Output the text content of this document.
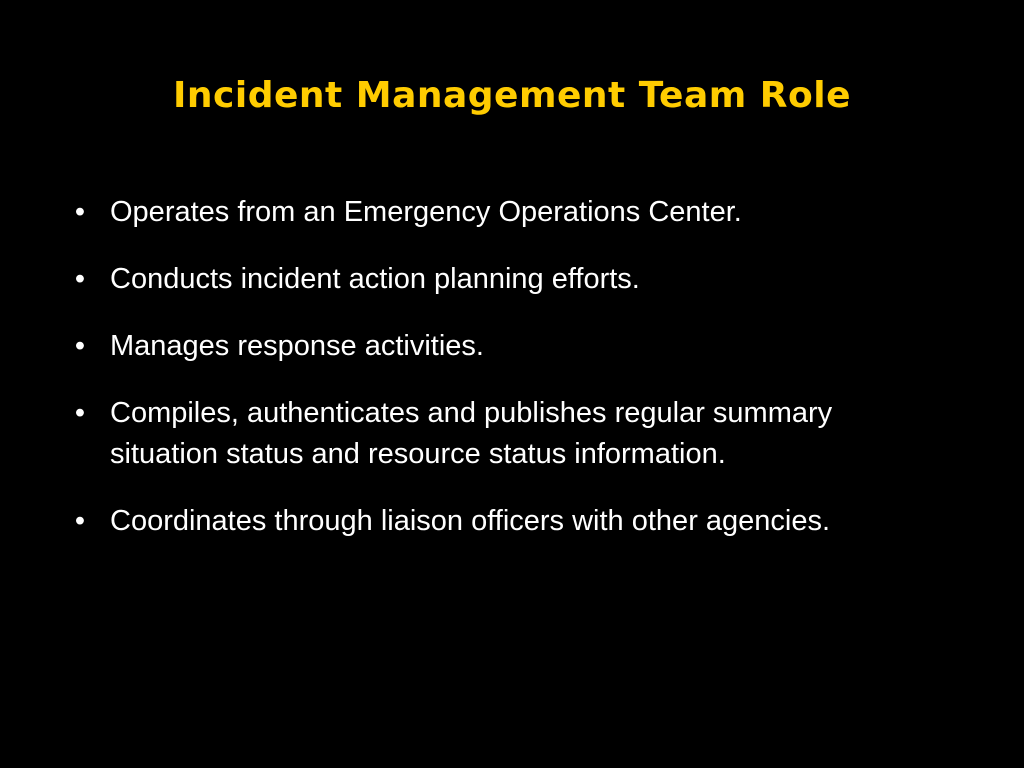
Incident Management Team Role
• Operates from an Emergency Operations Center.
• Conducts incident action planning efforts.
• Manages response activities.
• Compiles, authenticates and publishes regular summary situation status and resource status information.
• Coordinates through liaison officers with other agencies.
